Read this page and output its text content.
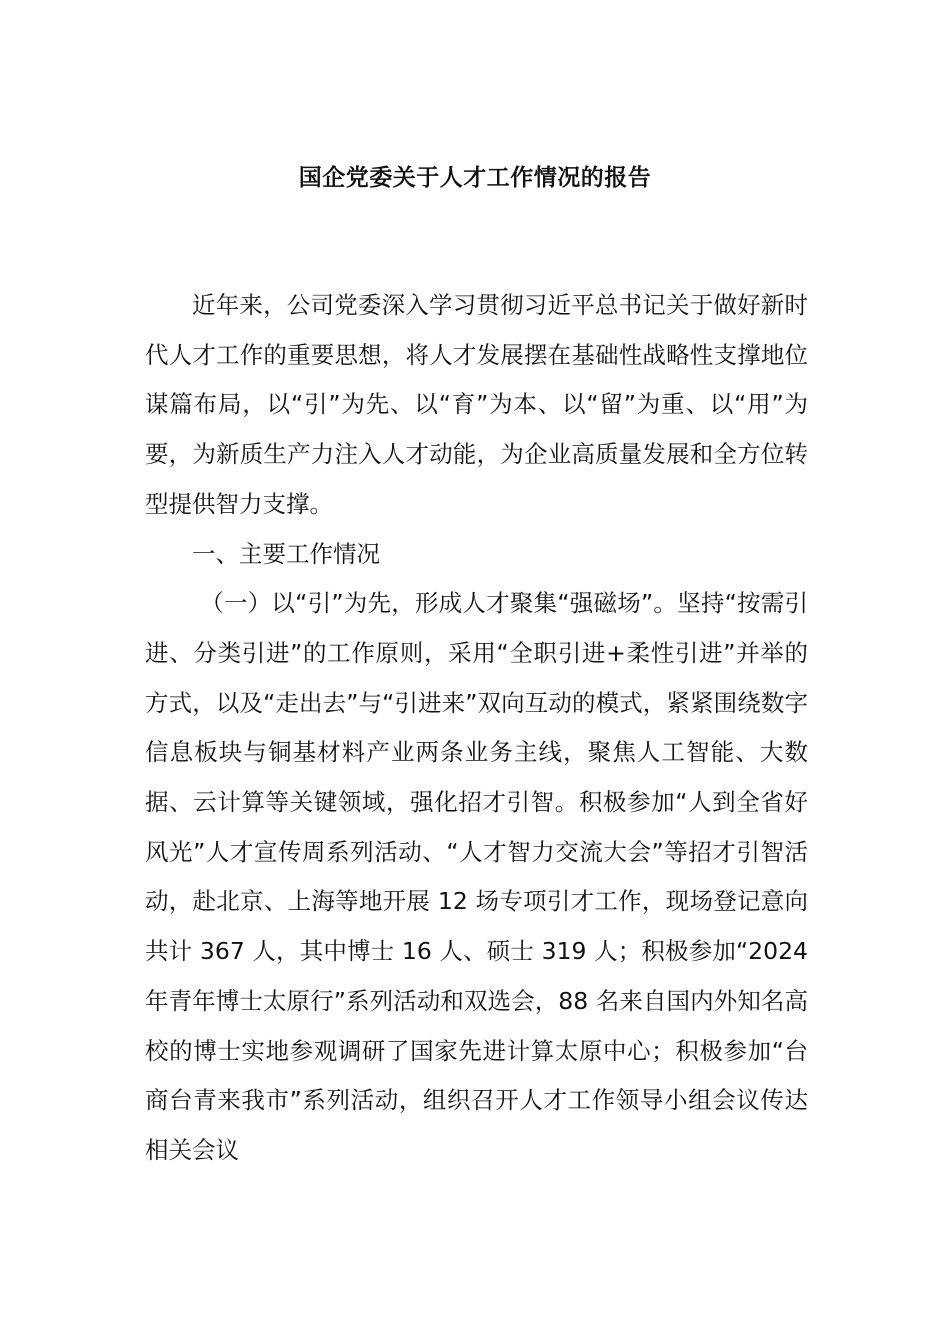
国企党委关于人才工作情况的报告

近年来，公司党委深入学习贯彻习近平总书记关于做好新时代人才工作的重要思想，将人才发展摆在基础性战略性支撑地位谋篇布局，以“引”为先、以“育”为本、以“留”为重、以“用”为要，为新质生产力注入人才动能，为企业高质量发展和全方位转型提供智力支撑。

一、主要工作情况

（一）以“引”为先，形成人才聚集“强磁场”。坚持“按需引进、分类引进”的工作原则，采用“全职引进+柔性引进”并举的方式，以及“走出去”与“引进来”双向互动的模式，紧紧围绕数字信息板块与铜基材料产业两条业务主线，聚焦人工智能、大数据、云计算等关键领域，强化招才引智。积极参加“人到全省好风光”人才宣传周系列活动、“人才智力交流大会”等招才引智活动，赴北京、上海等地开展 12 场专项引才工作，现场登记意向共计 367 人，其中博士 16 人、硕士 319 人；积极参加“2024 年青年博士太原行”系列活动和双选会，88 名来自国内外知名高校的博士实地参观调研了国家先进计算太原中心；积极参加“台商台青来我市”系列活动，组织召开人才工作领导小组会议传达相关会议
